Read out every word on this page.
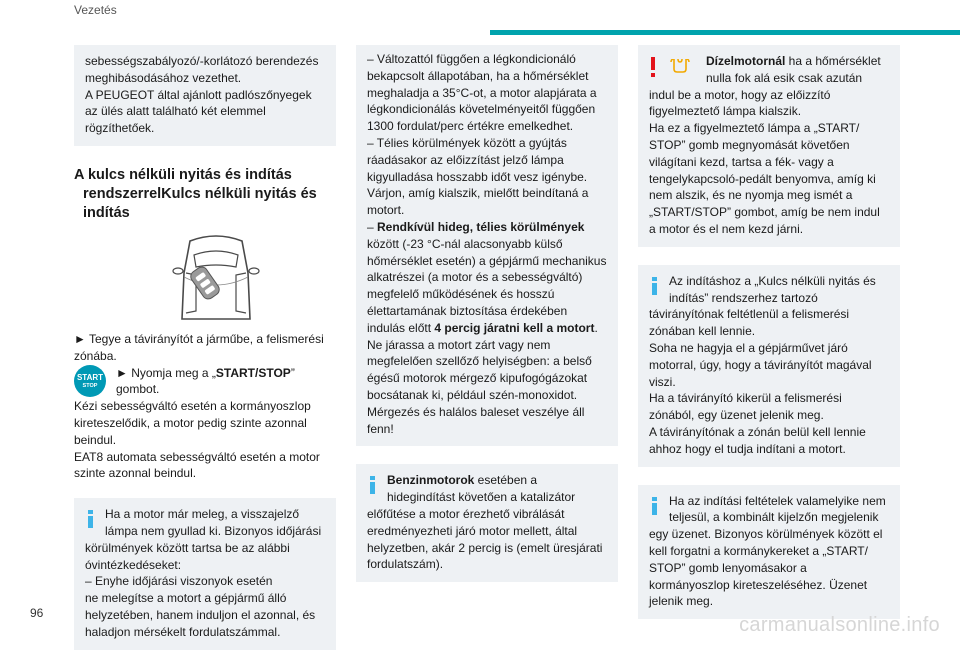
Vezetés

sebességszabályozó/-korlátozó berendezés meghibásodásához vezethet.

A PEUGEOT által ajánlott padlószőnyegek az ülés alatt található két elemmel rögzíthetőek.

A kulcs nélküli nyitás és indítás
rendszerrelKulcs nélküli nyitás és indítás

► Tegye a távirányítót a járműbe, a felismerési zónába.

START
STOP
► Nyomja meg a „START/STOP” gombot.

Kézi sebességváltó esetén a kormányoszlop kireteszelődik, a motor pedig szinte azonnal beindul.

EAT8 automata sebességváltó esetén a motor szinte azonnal beindul.

Ha a motor már meleg, a visszajelző

lámpa nem gyullad ki. Bizonyos időjárási körülmények között tartsa be az alábbi óvintézkedéseket:

– Enyhe időjárási viszonyok esetén

ne melegítse a motort a gépjármű álló helyzetében, hanem induljon el azonnal, és haladjon mérsékelt fordulatszámmal.

– Változattól függően a légkondicionáló bekapcsolt állapotában, ha a hőmérséklet meghaladja a 35°C-ot, a motor alapjárata a légkondicionálás követelményeitől függően 1300 fordulat/perc értékre emelkedhet.

– Télies körülmények között a gyújtás ráadásakor az előizzítást jelző lámpa kigyulladása hosszabb időt vesz igénybe. Várjon, amíg kialszik, mielőtt beindítaná a motort.

– Rendkívül hideg, télies körülmények között (-23 °C-nál alacsonyabb külső hőmérséklet esetén) a gépjármű mechanikus alkatrészei (a motor és a sebességváltó) megfelelő működésének és hosszú élettartamának biztosítása érdekében indulás előtt 4 percig járatni kell a motort.

Ne járassa a motort zárt vagy nem megfelelően szellőző helyiségben: a belső égésű motorok mérgező kipufogógázokat bocsátanak ki, például szén-monoxidot. Mérgezés és halálos baleset veszélye áll fenn!

Benzinmotorok esetében a

hidegindítást követően a katalizátor előfűtése a motor érezhető vibrálását eredményezheti járó motor mellett, által helyzetben, akár 2 percig is (emelt üresjárati fordulatszám).

Dízelmotornál ha a hőmérséklet

nulla fok alá esik csak azután

indul be a motor, hogy az előizzító figyelmeztető lámpa kialszik.

Ha ez a figyelmeztető lámpa a „START/ STOP” gomb megnyomását követően világítani kezd, tartsa a fék- vagy a tengelykapcsoló-pedált benyomva, amíg ki nem alszik, és ne nyomja meg ismét a „START/STOP” gombot, amíg be nem indul a motor és el nem kezd járni.

Az indításhoz a „Kulcs nélküli nyitás és

indítás” rendszerhez tartozó

távirányítónak feltétlenül a felismerési zónában kell lennie.

Soha ne hagyja el a gépjárművet járó motorral, úgy, hogy a távirányítót magával viszi.

Ha a távirányító kikerül a felismerési zónából, egy üzenet jelenik meg.

A távirányítónak a zónán belül kell lennie ahhoz hogy el tudja indítani a motort.

Ha az indítási feltételek valamelyike nem

teljesül, a kombinált kijelzőn megjelenik

egy üzenet. Bizonyos körülmények között el kell forgatni a kormánykereket a „START/ STOP” gomb lenyomásakor a kormányoszlop kireteszeléséhez. Üzenet jelenik meg.

96
carmanualsonline.info
